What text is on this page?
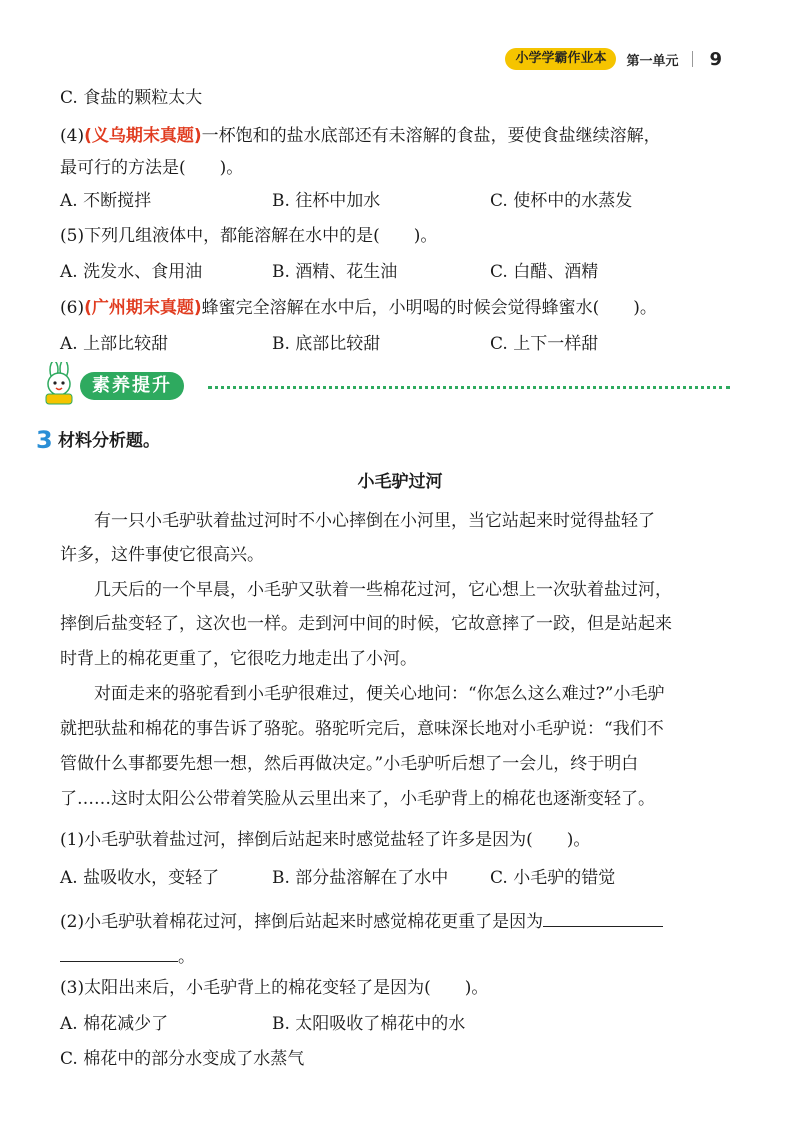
小学学霸作业本	第一单元 9
C. 食盐的颗粒太大
(4)(义乌期末真题)一杯饱和的盐水底部还有未溶解的食盐，要使食盐继续溶解，
最可行的方法是(　　)。
A. 不断搅拌	B. 往杯中加水	C. 使杯中的水蒸发
(5)下列几组液体中，都能溶解在水中的是(　　)。
A. 洗发水、食用油	B. 酒精、花生油	C. 白醋、酒精
(6)(广州期末真题)蜂蜜完全溶解在水中后，小明喝的时候会觉得蜂蜜水(　　)。
A. 上部比较甜	B. 底部比较甜	C. 上下一样甜
素养提升
3 材料分析题。
小毛驴过河
　　有一只小毛驴驮着盐过河时不小心摔倒在小河里，当它站起来时觉得盐轻了
许多，这件事使它很高兴。
　　几天后的一个早晨，小毛驴又驮着一些棉花过河，它心想上一次驮着盐过河，
摔倒后盐变轻了，这次也一样。走到河中间的时候，它故意摔了一跤，但是站起来
时背上的棉花更重了，它很吃力地走出了小河。
　　对面走来的骆驼看到小毛驴很难过，便关心地问：“你怎么这么难过?”小毛驴
就把驮盐和棉花的事告诉了骆驼。骆驼听完后，意味深长地对小毛驴说：“我们不
管做什么事都要先想一想，然后再做决定。”小毛驴听后想了一会儿，终于明白
了……这时太阳公公带着笑脸从云里出来了，小毛驴背上的棉花也逐渐变轻了。
(1)小毛驴驮着盐过河，摔倒后站起来时感觉盐轻了许多是因为(　　)。
A. 盐吸收水，变轻了	B. 部分盐溶解在了水中 C. 小毛驴的错觉
(2)小毛驴驮着棉花过河，摔倒后站起来时感觉棉花更重了是因为
。
(3)太阳出来后，小毛驴背上的棉花变轻了是因为(　　)。
A. 棉花减少了	B. 太阳吸收了棉花中的水
C. 棉花中的部分水变成了水蒸气
